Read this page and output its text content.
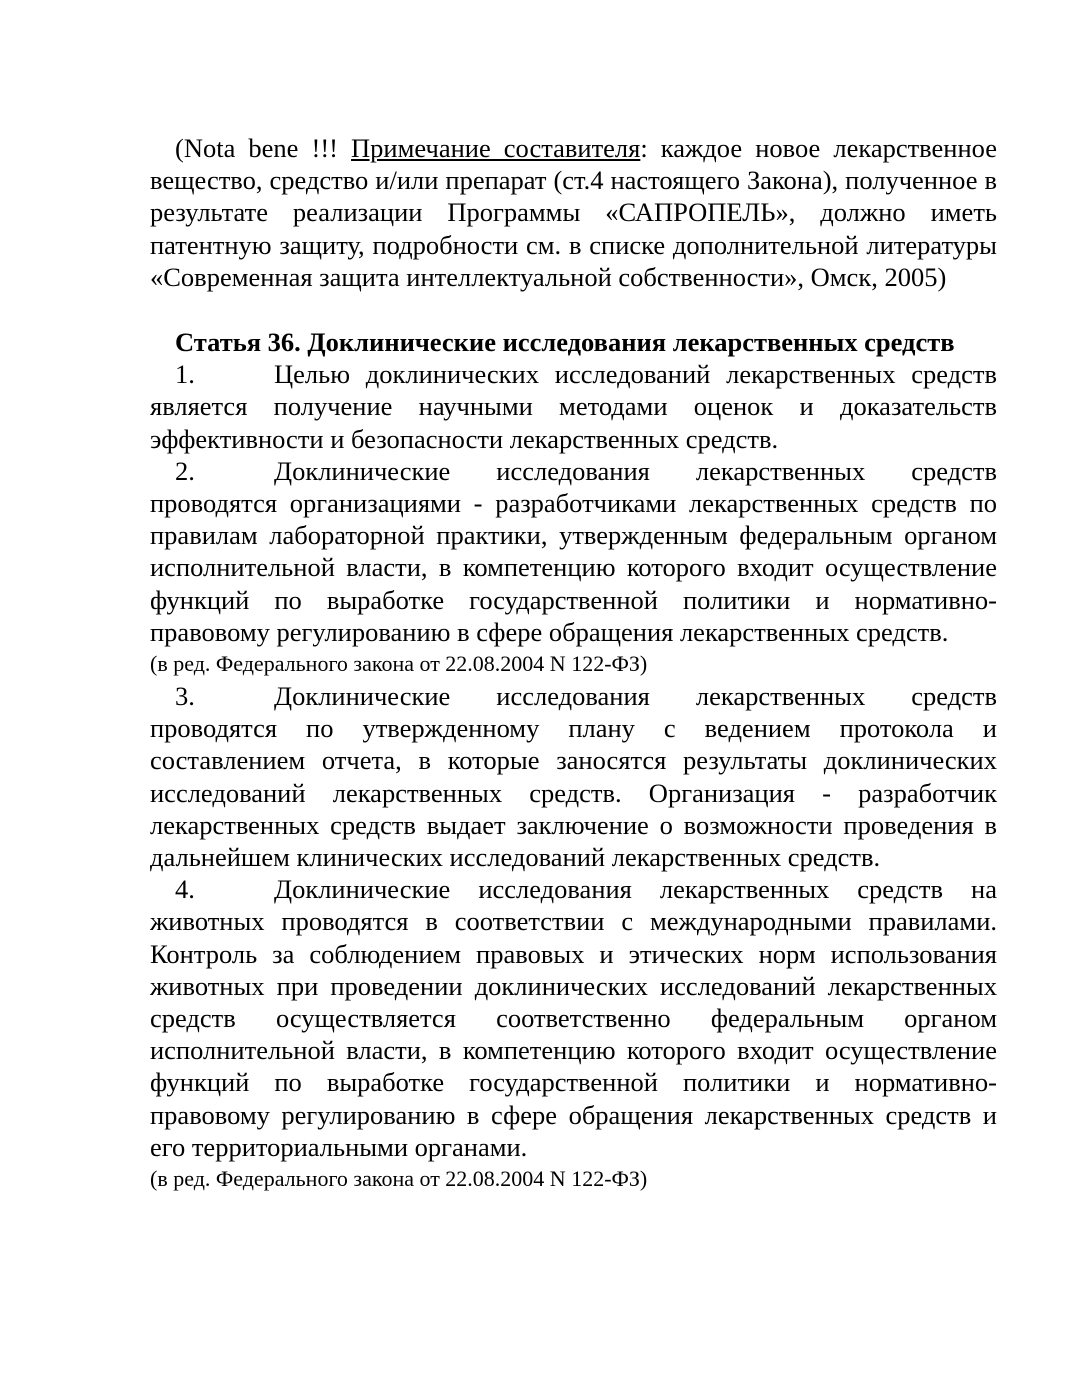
(Nota bene !!! Примечание составителя: каждое новое лекарственное вещество, средство и/или препарат (ст.4 настоящего Закона), полученное в результате реализации Программы «САПРОПЕЛЬ», должно иметь патентную защиту, подробности см. в списке дополнительной литературы «Современная защита интеллектуальной собственности», Омск, 2005)

Статья 36. Доклинические исследования лекарственных средств

1.	Целью доклинических исследований лекарственных средств является получение научными методами оценок и доказательств эффективности и безопасности лекарственных средств.

2.	Доклинические исследования лекарственных средств проводятся организациями - разработчиками лекарственных средств по правилам лабораторной практики, утвержденным федеральным органом исполнительной власти, в компетенцию которого входит осуществление функций по выработке государственной политики и нормативно-правовому регулированию в сфере обращения лекарственных средств.

(в ред. Федерального закона от 22.08.2004 N 122-ФЗ)

3.	Доклинические исследования лекарственных средств проводятся по утвержденному плану с ведением протокола и составлением отчета, в которые заносятся результаты доклинических исследований лекарственных средств. Организация - разработчик лекарственных средств выдает заключение о возможности проведения в дальнейшем клинических исследований лекарственных средств.

4.	Доклинические исследования лекарственных средств на животных проводятся в соответствии с международными правилами. Контроль за соблюдением правовых и этических норм использования животных при проведении доклинических исследований лекарственных средств осуществляется соответственно федеральным органом исполнительной власти, в компетенцию которого входит осуществление функций по выработке государственной политики и нормативно-правовому регулированию в сфере обращения лекарственных средств и его территориальными органами.

(в ред. Федерального закона от 22.08.2004 N 122-ФЗ)
